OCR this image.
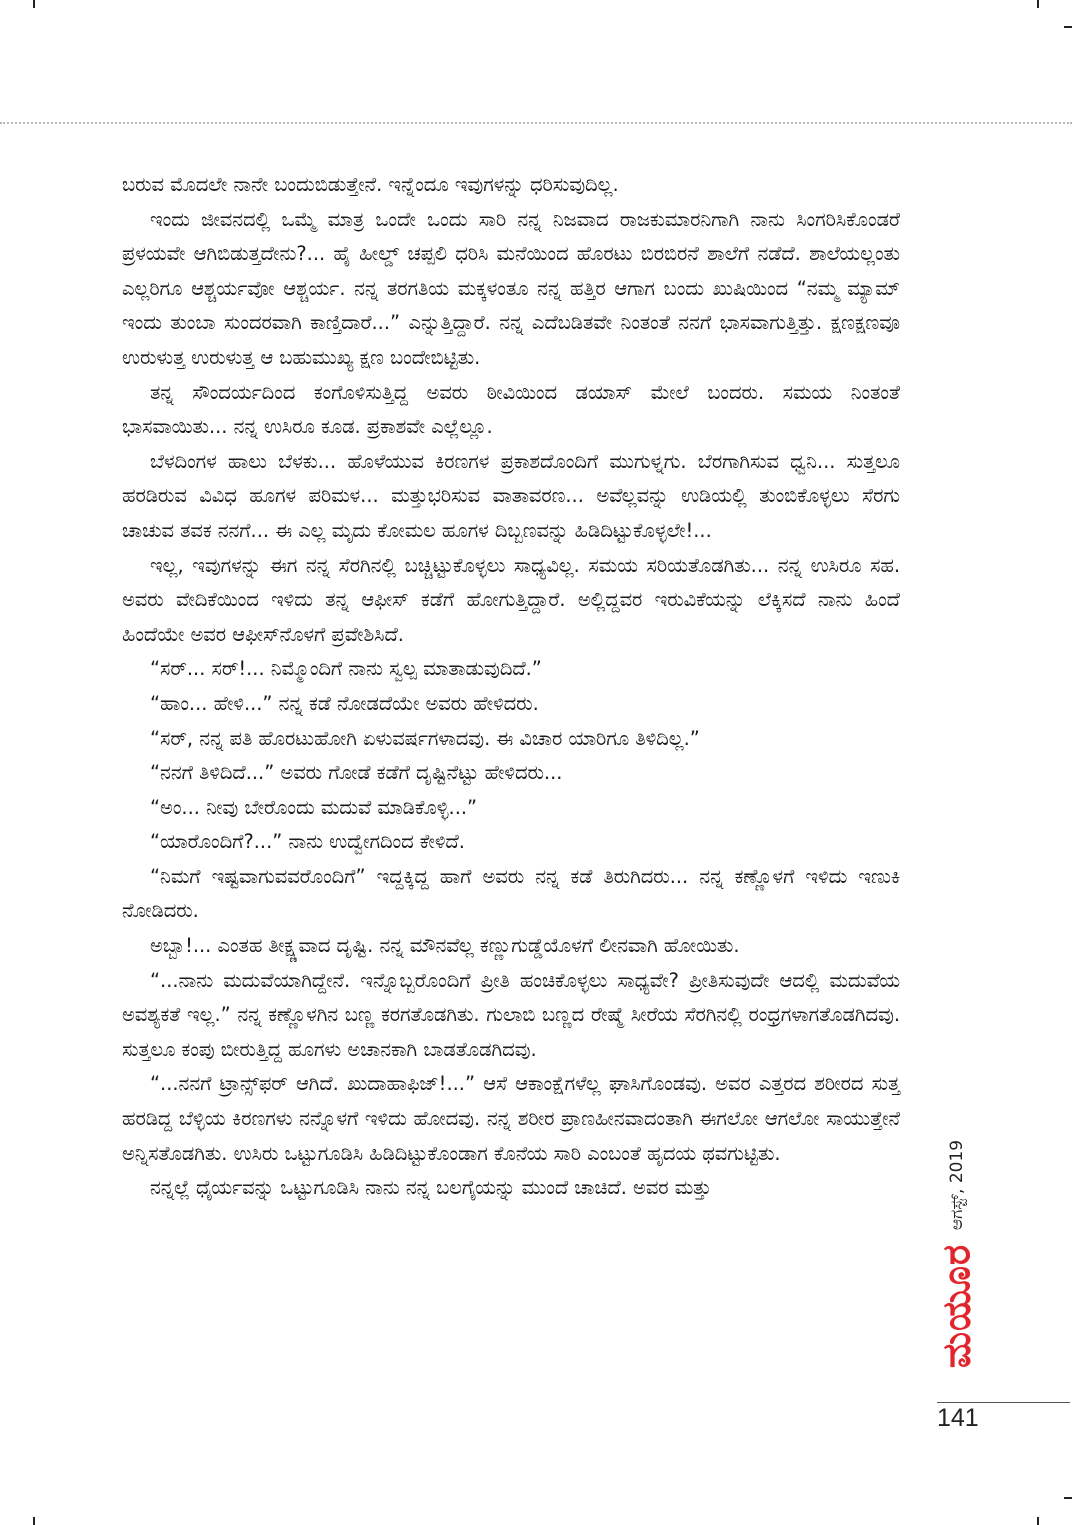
ಬರುವ ಮೊದಲೇ ನಾನೇ ಬಂದುಬಿಡುತ್ತೇನೆ. ಇನ್ನೆಂದೂ ಇವುಗಳನ್ನು ಧರಿಸುವುದಿಲ್ಲ.

ಇಂದು ಜೀವನದಲ್ಲಿ ಒಮ್ಮೆ ಮಾತ್ರ ಒಂದೇ ಒಂದು ಸಾರಿ ನನ್ನ ನಿಜವಾದ ರಾಜಕುಮಾರನಿಗಾಗಿ ನಾನು ಸಿಂಗರಿಸಿಕೊಂಡರೆ ಪ್ರಳಯವೇ ಆಗಿಬಿಡುತ್ತದೇನು?... ಹೈ ಹೀಲ್ಡ್ ಚಪ್ಪಲಿ ಧರಿಸಿ ಮನೆಯಿಂದ ಹೊರಟು ಬಿರಬಿರನೆ ಶಾಲೆಗೆ ನಡೆದೆ. ಶಾಲೆಯಲ್ಲಂತು ಎಲ್ಲರಿಗೂ ಆಶ್ಚರ್ಯವೋ ಆಶ್ಚರ್ಯ. ನನ್ನ ತರಗತಿಯ ಮಕ್ಕಳಂತೂ ನನ್ನ ಹತ್ತಿರ ಆಗಾಗ ಬಂದು ಖುಷಿಯಿಂದ “ನಮ್ಮ ಮ್ಯಾಮ್ ಇಂದು ತುಂಬಾ ಸುಂದರವಾಗಿ ಕಾಣ್ತಿದಾರೆ...” ಎನ್ನುತ್ತಿದ್ದಾರೆ. ನನ್ನ ಎದೆಬಡಿತವೇ ನಿಂತಂತೆ ನನಗೆ ಭಾಸವಾಗುತ್ತಿತ್ತು. ಕ್ಷಣಕ್ಷಣವೂ ಉರುಳುತ್ತ ಉರುಳುತ್ತ ಆ ಬಹುಮುಖ್ಯ ಕ್ಷಣ ಬಂದೇಬಿಟ್ಟಿತು.

ತನ್ನ ಸೌಂದರ್ಯದಿಂದ ಕಂಗೊಳಿಸುತ್ತಿದ್ದ ಅವರು ಠೀವಿಯಿಂದ ಡಯಾಸ್ ಮೇಲೆ ಬಂದರು. ಸಮಯ ನಿಂತಂತೆ ಭಾಸವಾಯಿತು... ನನ್ನ ಉಸಿರೂ ಕೂಡ. ಪ್ರಕಾಶವೇ ಎಲ್ಲೆಲ್ಲೂ.

ಬೆಳದಿಂಗಳ ಹಾಲು ಬೆಳಕು... ಹೊಳೆಯುವ ಕಿರಣಗಳ ಪ್ರಕಾಶದೊಂದಿಗೆ ಮುಗುಳ್ನಗು. ಬೆರಗಾಗಿಸುವ ಧ್ವನಿ... ಸುತ್ತಲೂ ಹರಡಿರುವ ವಿವಿಧ ಹೂಗಳ ಪರಿಮಳ... ಮತ್ತುಭರಿಸುವ ವಾತಾವರಣ... ಅವೆಲ್ಲವನ್ನು ಉಡಿಯಲ್ಲಿ ತುಂಬಿಕೊಳ್ಳಲು ಸೆರಗು ಚಾಚುವ ತವಕ ನನಗೆ... ಈ ಎಲ್ಲ ಮೃದು ಕೋಮಲ ಹೂಗಳ ದಿಬ್ಬಣವನ್ನು ಹಿಡಿದಿಟ್ಟುಕೊಳ್ಳಲೇ!...

ಇಲ್ಲ, ಇವುಗಳನ್ನು ಈಗ ನನ್ನ ಸೆರಗಿನಲ್ಲಿ ಬಚ್ಚಿಟ್ಟುಕೊಳ್ಳಲು ಸಾಧ್ಯವಿಲ್ಲ. ಸಮಯ ಸರಿಯತೊಡಗಿತು... ನನ್ನ ಉಸಿರೂ ಸಹ. ಅವರು ವೇದಿಕೆಯಿಂದ ಇಳಿದು ತನ್ನ ಆಫೀಸ್ ಕಡೆಗೆ ಹೋಗುತ್ತಿದ್ದಾರೆ. ಅಲ್ಲಿದ್ದವರ ಇರುವಿಕೆಯನ್ನು ಲೆಕ್ಕಿಸದೆ ನಾನು ಹಿಂದೆ ಹಿಂದೆಯೇ ಅವರ ಆಫೀಸ್‌ನೊಳಗೆ ಪ್ರವೇಶಿಸಿದೆ.

“ಸರ್... ಸರ್!... ನಿಮ್ಮೊಂದಿಗೆ ನಾನು ಸ್ವಲ್ಪ ಮಾತಾಡುವುದಿದೆ.”

“ಹಾಂ... ಹೇಳಿ...” ನನ್ನ ಕಡೆ ನೋಡದೆಯೇ ಅವರು ಹೇಳಿದರು.

“ಸರ್, ನನ್ನ ಪತಿ ಹೊರಟುಹೋಗಿ ಏಳುವರ್ಷಗಳಾದವು. ಈ ವಿಚಾರ ಯಾರಿಗೂ ತಿಳಿದಿಲ್ಲ.”

“ನನಗೆ ತಿಳಿದಿದೆ...” ಅವರು ಗೋಡೆ ಕಡೆಗೆ ದೃಷ್ಟಿನೆಟ್ಟು ಹೇಳಿದರು...

“ಅಂ... ನೀವು ಬೇರೊಂದು ಮದುವೆ ಮಾಡಿಕೊಳ್ಳಿ...”

“ಯಾರೊಂದಿಗೆ?...” ನಾನು ಉದ್ವೇಗದಿಂದ ಕೇಳಿದೆ.

“ನಿಮಗೆ ಇಷ್ಟವಾಗುವವರೊಂದಿಗೆ” ಇದ್ದಕ್ಕಿದ್ದ ಹಾಗೆ ಅವರು ನನ್ನ ಕಡೆ ತಿರುಗಿದರು... ನನ್ನ ಕಣ್ಣೊಳಗೆ ಇಳಿದು ಇಣುಕಿ ನೋಡಿದರು.

ಅಬ್ಬಾ!... ಎಂತಹ ತೀಕ್ಷ್ಣವಾದ ದೃಷ್ಟಿ. ನನ್ನ ಮೌನವೆಲ್ಲ ಕಣ್ಣುಗುಡ್ಡೆಯೊಳಗೆ ಲೀನವಾಗಿ ಹೋಯಿತು.

“...ನಾನು ಮದುವೆಯಾಗಿದ್ದೇನೆ. ಇನ್ನೊಬ್ಬರೊಂದಿಗೆ ಪ್ರೀತಿ ಹಂಚಿಕೊಳ್ಳಲು ಸಾಧ್ಯವೇ? ಪ್ರೀತಿಸುವುದೇ ಆದಲ್ಲಿ ಮದುವೆಯ ಅವಶ್ಯಕತೆ ಇಲ್ಲ.” ನನ್ನ ಕಣ್ಣೊಳಗಿನ ಬಣ್ಣ ಕರಗತೊಡಗಿತು. ಗುಲಾಬಿ ಬಣ್ಣದ ರೇಷ್ಮೆ ಸೀರೆಯ ಸೆರಗಿನಲ್ಲಿ ರಂಧ್ರಗಳಾಗತೊಡಗಿದವು. ಸುತ್ತಲೂ ಕಂಪು ಬೀರುತ್ತಿದ್ದ ಹೂಗಳು ಅಚಾನಕಾಗಿ ಬಾಡತೊಡಗಿದವು.

“...ನನಗೆ ಟ್ರಾನ್ಸ್‌ಫರ್ ಆಗಿದೆ. ಖುದಾಹಾಫಿಜ್!...” ಆಸೆ ಆಕಾಂಕ್ಷೆಗಳೆಲ್ಲ ಘಾಸಿಗೊಂಡವು. ಅವರ ಎತ್ತರದ ಶರೀರದ ಸುತ್ತ ಹರಡಿದ್ದ ಬೆಳ್ಳಿಯ ಕಿರಣಗಳು ನನ್ನೊಳಗೆ ಇಳಿದು ಹೋದವು. ನನ್ನ ಶರೀರ ಪ್ರಾಣಹೀನವಾದಂತಾಗಿ ಈಗಲೋ ಆಗಲೋ ಸಾಯುತ್ತೇನೆ ಅನ್ನಿಸತೊಡಗಿತು. ಉಸಿರು ಒಟ್ಟುಗೂಡಿಸಿ ಹಿಡಿದಿಟ್ಟುಕೊಂಡಾಗ ಕೊನೆಯ ಸಾರಿ ಎಂಬಂತೆ ಹೃದಯ ಥವಗುಟ್ಟಿತು.

ನನ್ನಲ್ಲೆ ಧೈರ್ಯವನ್ನು ಒಟ್ಟುಗೂಡಿಸಿ ನಾನು ನನ್ನ ಬಲಗೈಯನ್ನು ಮುಂದೆ ಚಾಚಿದೆ. ಅವರ ಮತ್ತು	ಆಗಸ್ಟ್, 2019
ಮಯೂರ
141
